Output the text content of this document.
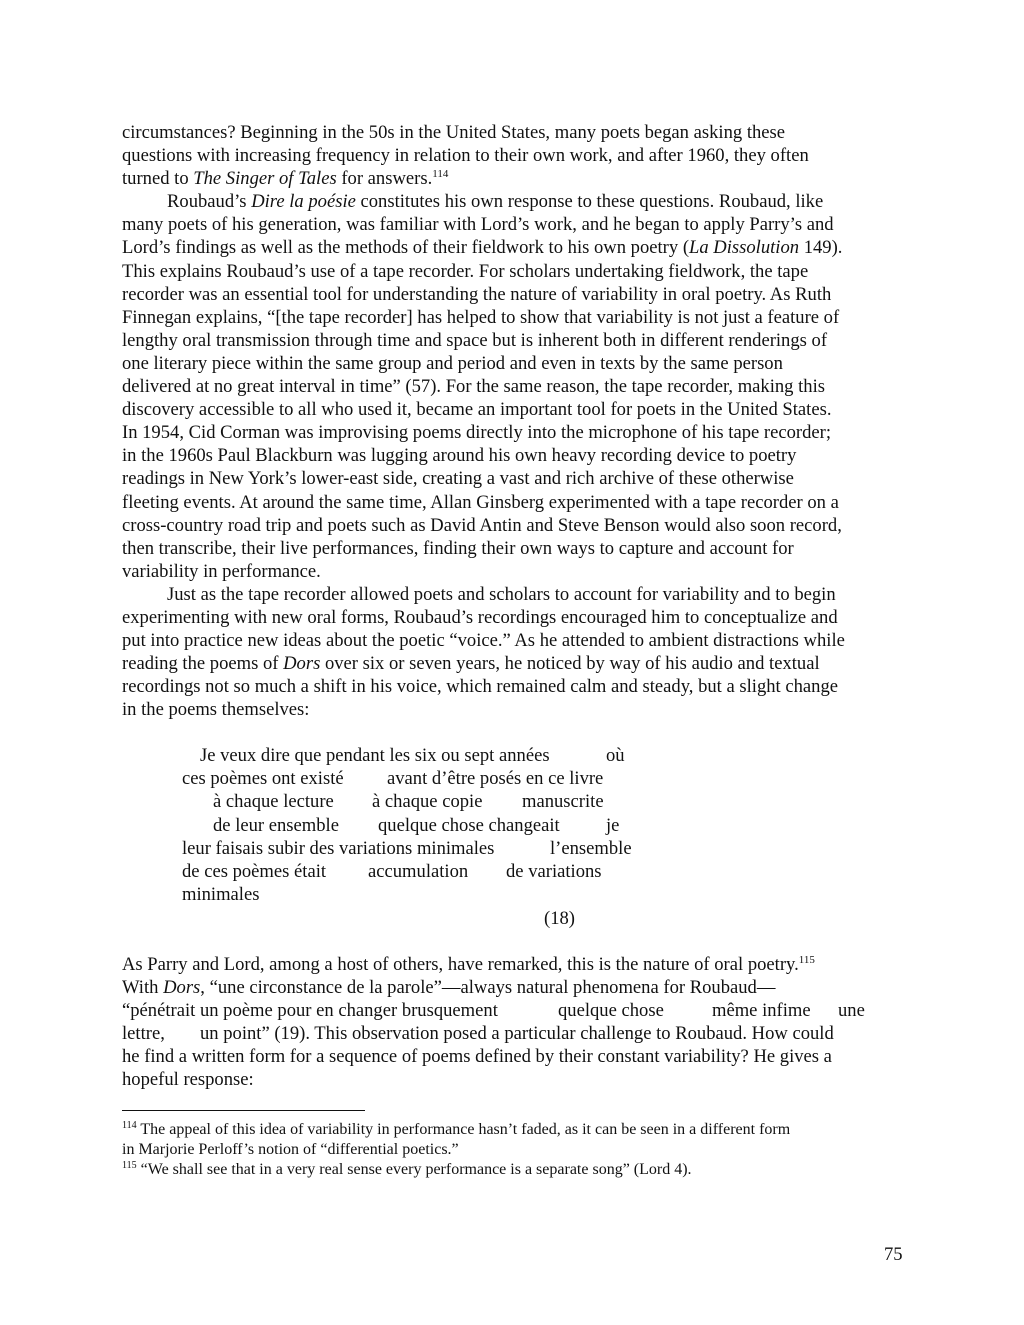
circumstances? Beginning in the 50s in the United States, many poets began asking these
questions with increasing frequency in relation to their own work, and after 1960, they often
turned to The Singer of Tales for answers.$^{114}$
Roubaud’s Dire la poésie constitutes his own response to these questions. Roubaud, like
many poets of his generation, was familiar with Lord’s work, and he began to apply Parry’s and
Lord’s findings as well as the methods of their fieldwork to his own poetry (La Dissolution 149).
This explains Roubaud’s use of a tape recorder. For scholars undertaking fieldwork, the tape
recorder was an essential tool for understanding the nature of variability in oral poetry. As Ruth
Finnegan explains, “[the tape recorder] has helped to show that variability is not just a feature of
lengthy oral transmission through time and space but is inherent both in different renderings of
one literary piece within the same group and period and even in texts by the same person
delivered at no great interval in time” (57). For the same reason, the tape recorder, making this
discovery accessible to all who used it, became an important tool for poets in the United States.
In 1954, Cid Corman was improvising poems directly into the microphone of his tape recorder;
in the 1960s Paul Blackburn was lugging around his own heavy recording device to poetry
readings in New York’s lower-east side, creating a vast and rich archive of these otherwise
fleeting events. At around the same time, Allan Ginsberg experimented with a tape recorder on a
cross-country road trip and poets such as David Antin and Steve Benson would also soon record,
then transcribe, their live performances, finding their own ways to capture and account for
variability in performance.
Just as the tape recorder allowed poets and scholars to account for variability and to begin
experimenting with new oral forms, Roubaud’s recordings encouraged him to conceptualize and
put into practice new ideas about the poetic “voice.” As he attended to ambient distractions while
reading the poems of Dors over six or seven years, he noticed by way of his audio and textual
recordings not so much a shift in his voice, which remained calm and steady, but a slight change
in the poems themselves:
Je veux dire que pendant les six ou sept années	où
ces poèmes ont existé avant d’être posés en ce livre
à chaque lecture à chaque copie manuscrite
de leur ensemble quelque chose changeait je
leur faisais subir des variations minimales	l’ensemble
de ces poèmes était accumulation de variations
minimales
(18)
As Parry and Lord, among a host of others, have remarked, this is the nature of oral poetry.$^{115}$
With Dors, “une circonstance de la parole”—always natural phenomena for Roubaud—
“pénétrait un poème pour en changer brusquement	quelque chose	même infime une
lettre, un point” (19). This observation posed a particular challenge to Roubaud. How could
he find a written form for a sequence of poems defined by their constant variability? He gives a
hopeful response:
$^{114}$ The appeal of this idea of variability in performance hasn’t faded, as it can be seen in a different form
in Marjorie Perloff’s notion of “differential poetics.”
$^{115}$ “We shall see that in a very real sense every performance is a separate song” (Lord 4).
75
